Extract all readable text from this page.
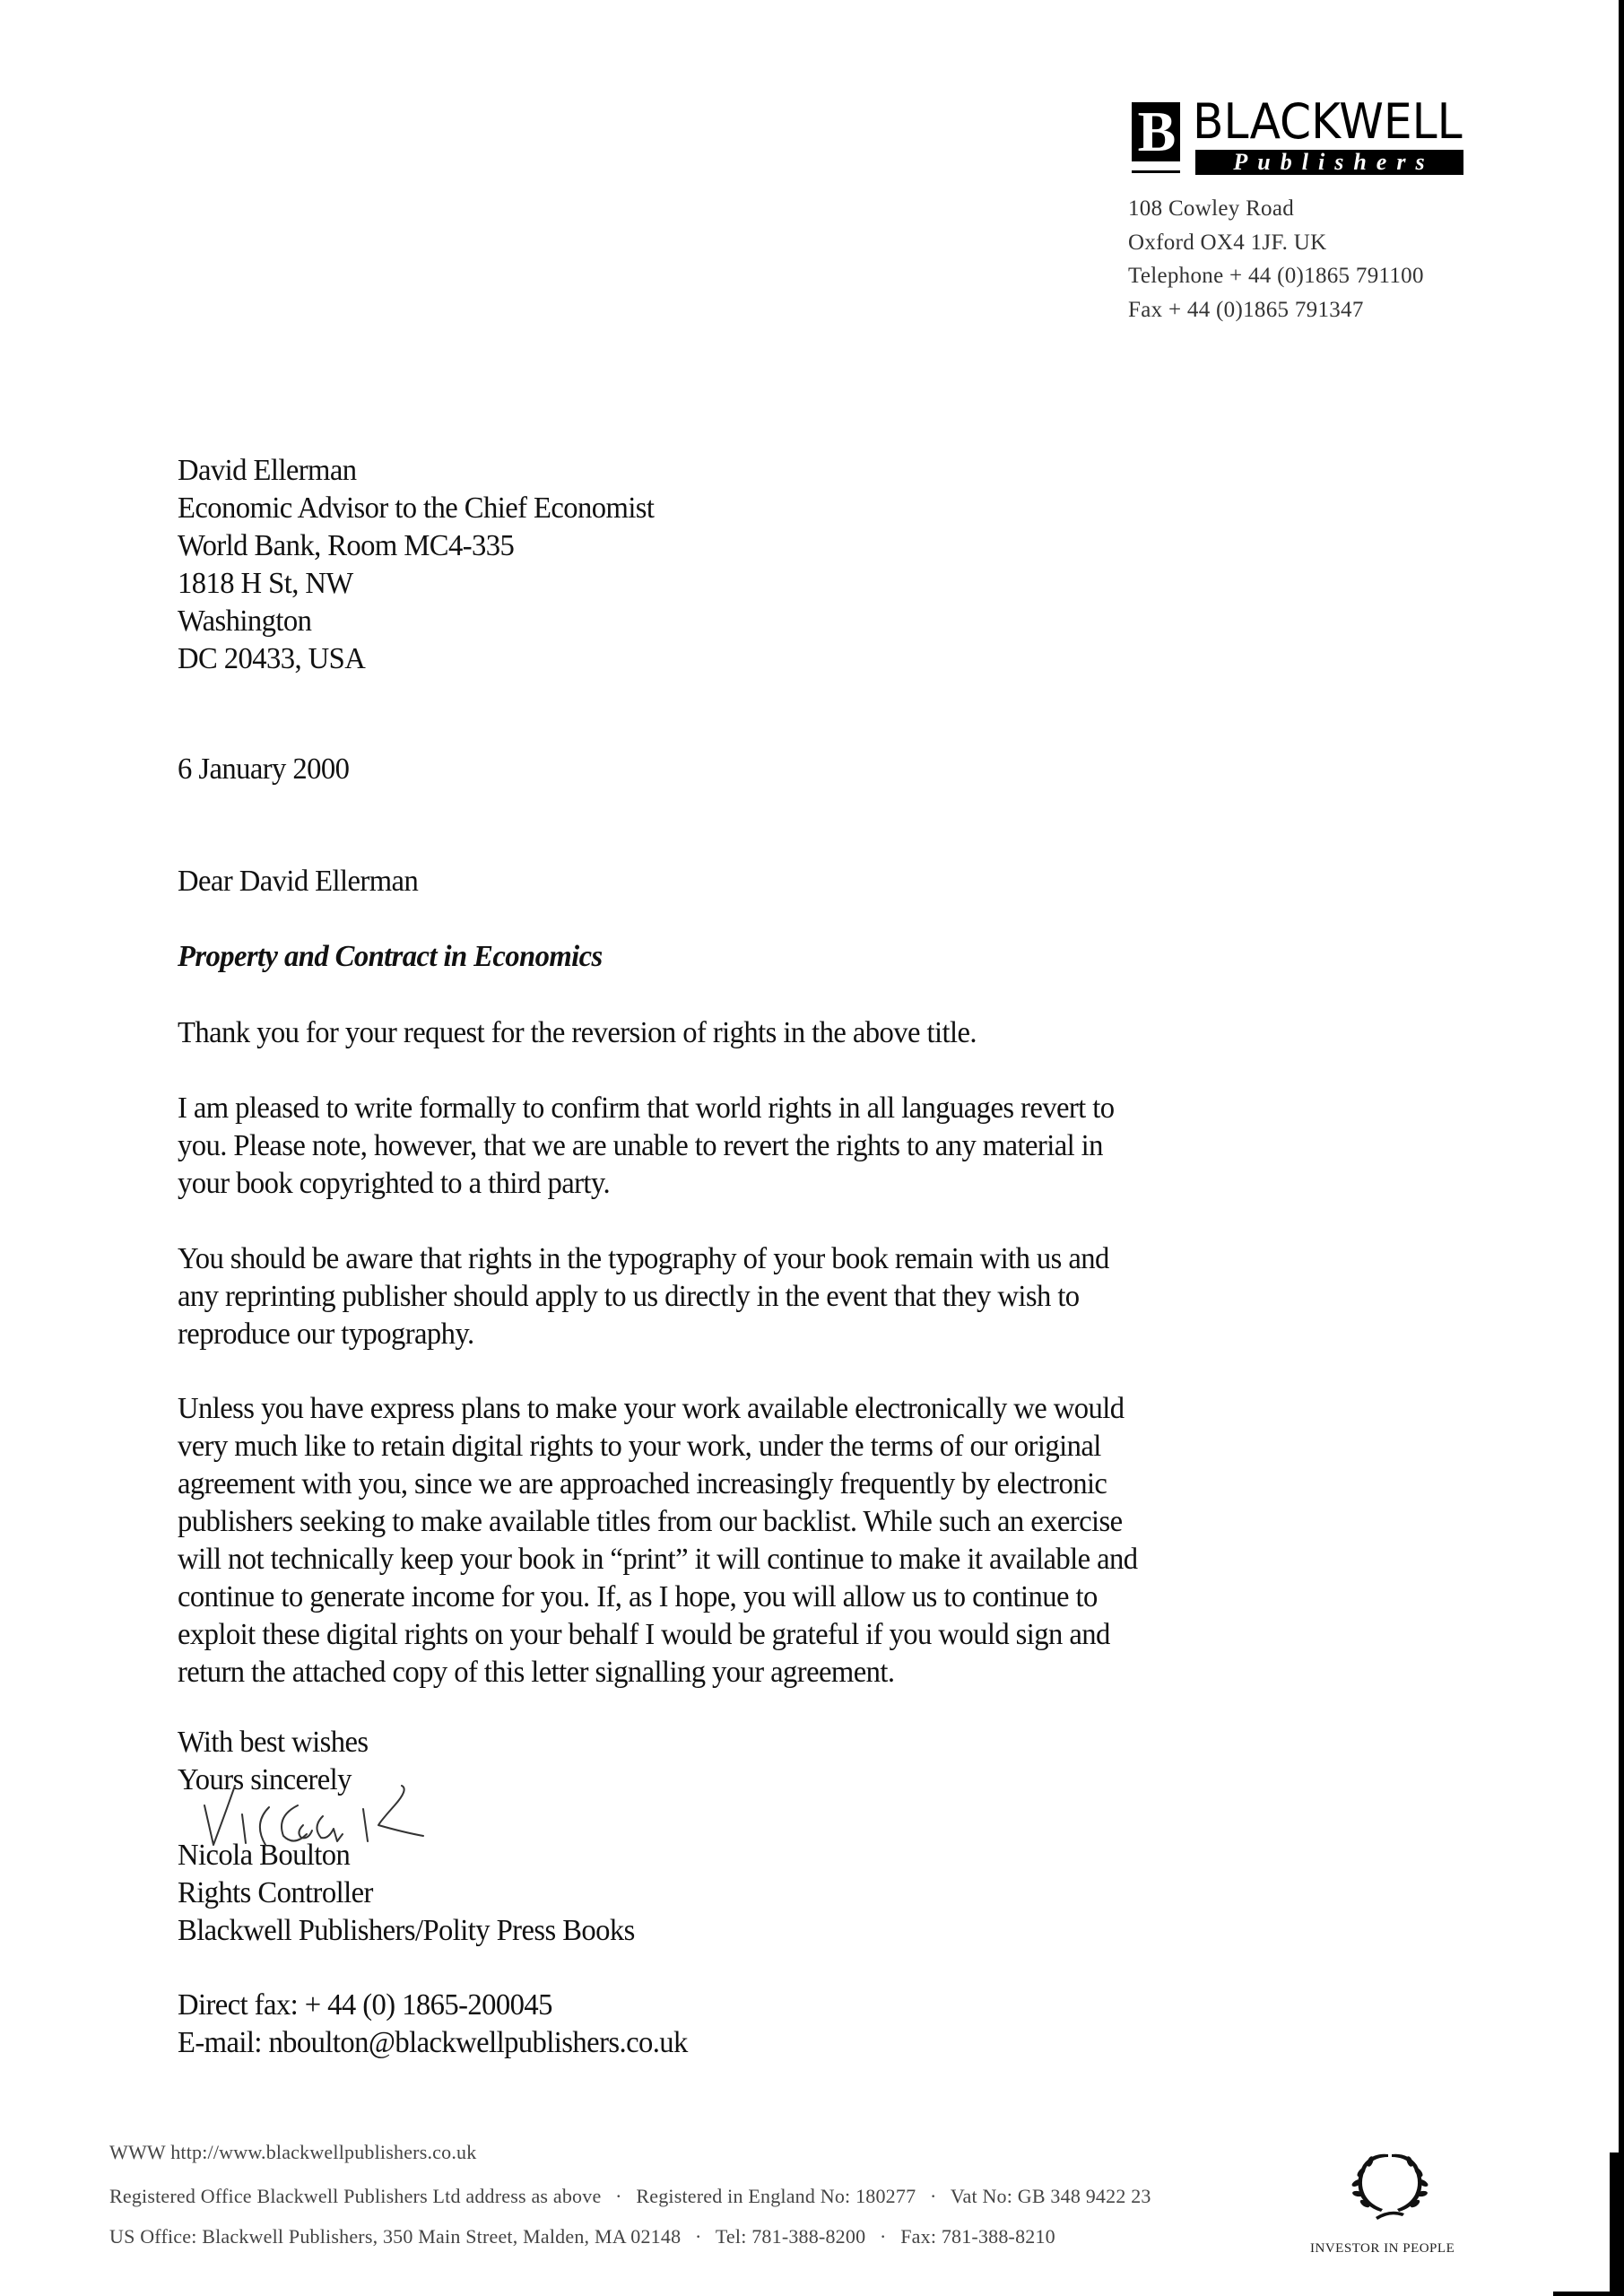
B BLACKWELL
Publishers
108 Cowley Road
Oxford OX4 1JF. UK
Telephone + 44 (0)1865 791100
Fax + 44 (0)1865 791347
David Ellerman
Economic Advisor to the Chief Economist
World Bank, Room MC4-335
1818 H St, NW
Washington
DC 20433, USA
6 January 2000
Dear David Ellerman
Property and Contract in Economics
Thank you for your request for the reversion of rights in the above title.
I am pleased to write formally to confirm that world rights in all languages revert to
you. Please note, however, that we are unable to revert the rights to any material in
your book copyrighted to a third party.
You should be aware that rights in the typography of your book remain with us and
any reprinting publisher should apply to us directly in the event that they wish to
reproduce our typography.
Unless you have express plans to make your work available electronically we would
very much like to retain digital rights to your work, under the terms of our original
agreement with you, since we are approached increasingly frequently by electronic
publishers seeking to make available titles from our backlist. While such an exercise
will not technically keep your book in “print” it will continue to make it available and
continue to generate income for you. If, as I hope, you will allow us to continue to
exploit these digital rights on your behalf I would be grateful if you would sign and
return the attached copy of this letter signalling your agreement.
With best wishes
Yours sincerely
Nicola Boulton
Rights Controller
Blackwell Publishers/Polity Press Books
Direct fax: + 44 (0) 1865-200045
E-mail: nboulton@blackwellpublishers.co.uk
WWW http://www.blackwellpublishers.co.uk
Registered Office Blackwell Publishers Ltd address as above · Registered in England No: 180277 · Vat No: GB 348 9422 23
US Office: Blackwell Publishers, 350 Main Street, Malden, MA 02148 · Tel: 781-388-8200 · Fax: 781-388-8210
INVESTOR IN PEOPLE
